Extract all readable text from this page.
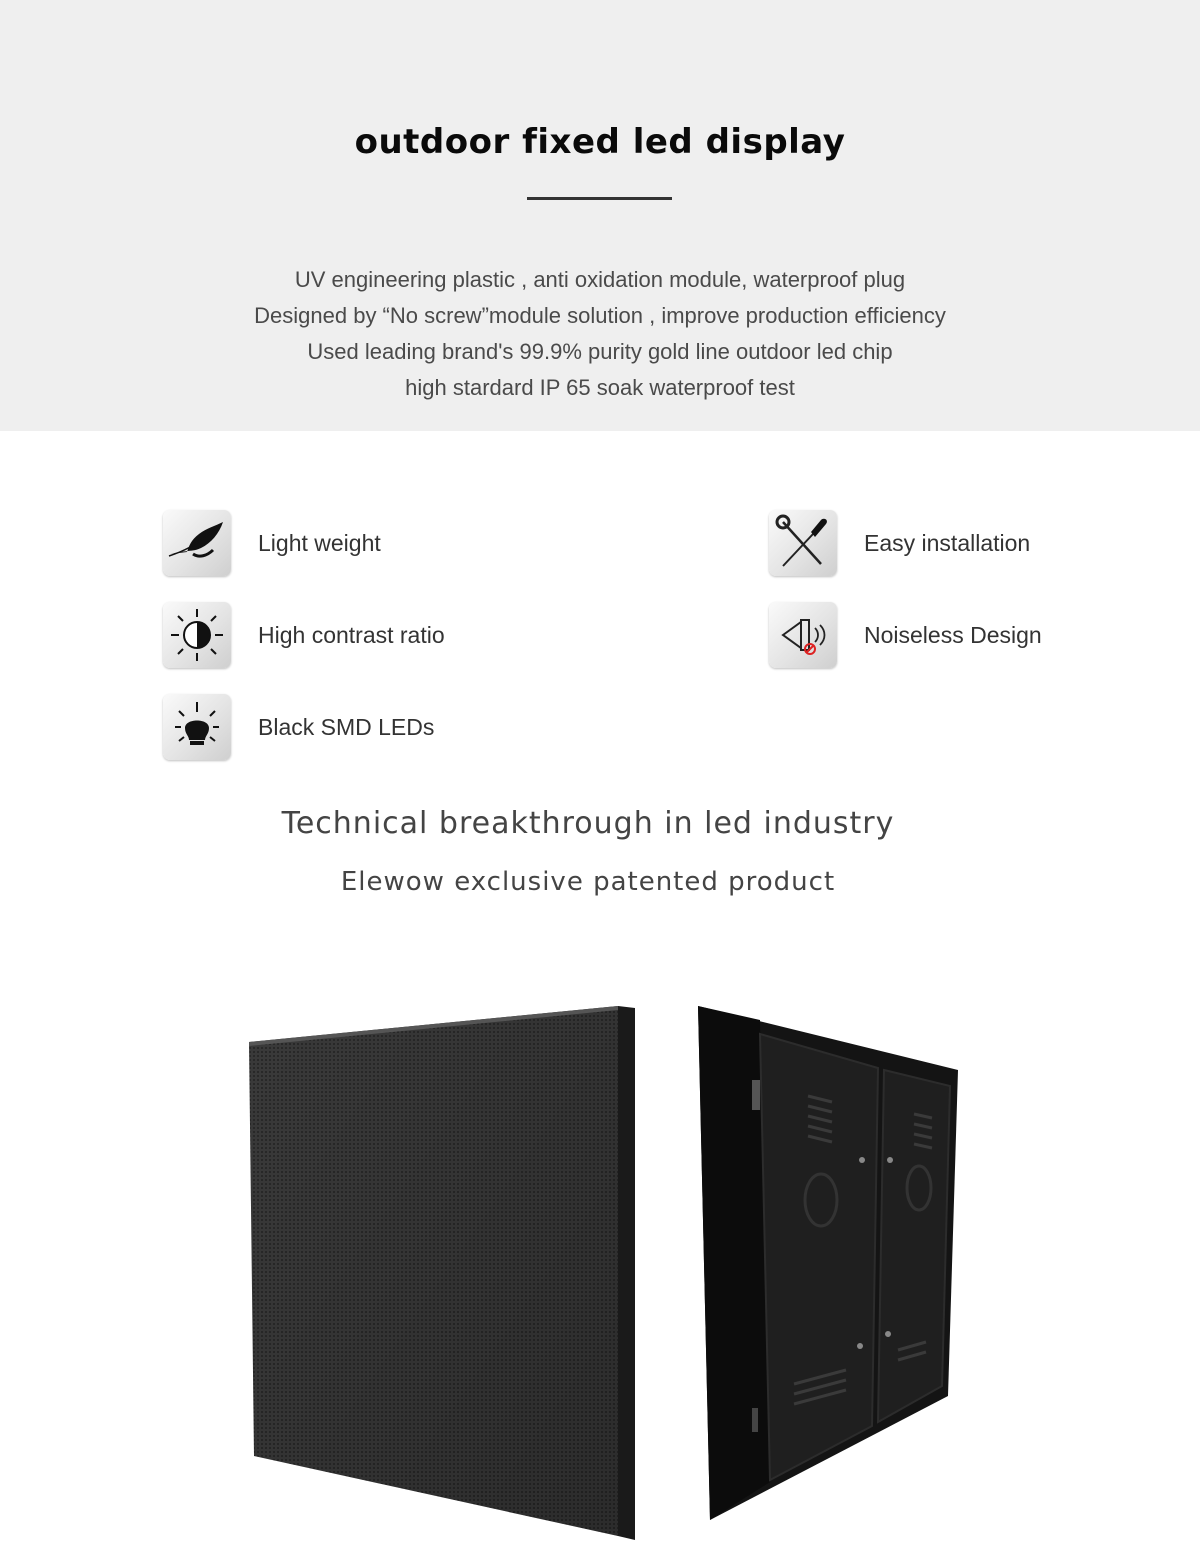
outdoor fixed led display
UV engineering plastic , anti oxidation module, waterproof plug
Designed by “No screw”module solution , improve production efficiency
Used leading brand's 99.9% purity gold line outdoor led chip
high stardard IP 65 soak waterproof test
Light weight
High contrast ratio
Black SMD LEDs
Easy installation
Noiseless Design
Technical breakthrough in led industry
Elewow exclusive patented product
